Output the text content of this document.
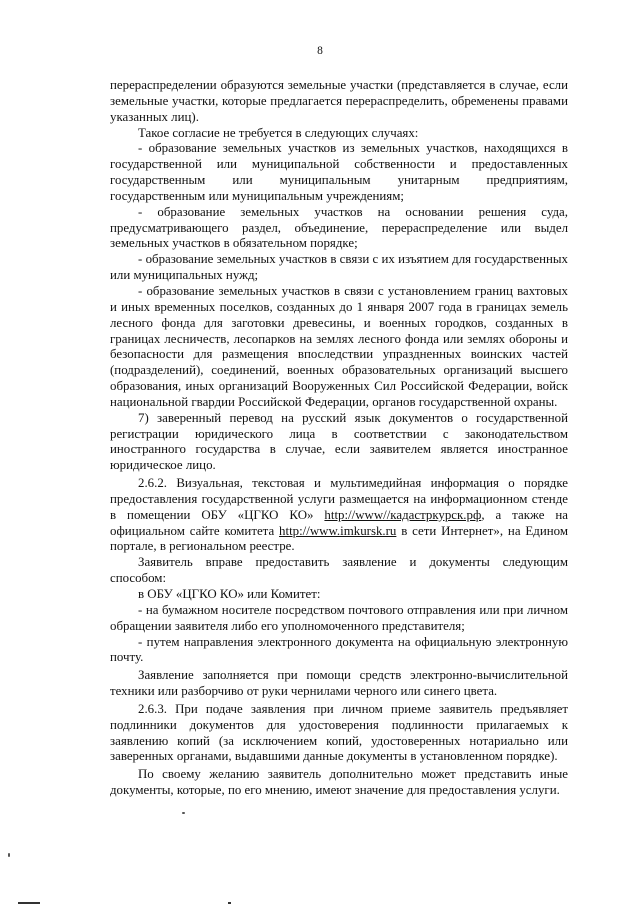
8

перераспределении образуются земельные участки (представляется в случае, если земельные участки, которые предлагается перераспределить, обременены правами указанных лиц).

Такое согласие не требуется в следующих случаях:

- образование земельных участков из земельных участков, находящихся в государственной или муниципальной собственности и предоставленных государственным или муниципальным унитарным предприятиям, государственным или муниципальным учреждениям;

- образование земельных участков на основании решения суда, предусматривающего раздел, объединение, перераспределение или выдел земельных участков в обязательном порядке;

- образование земельных участков в связи с их изъятием для государственных или муниципальных нужд;

- образование земельных участков в связи с установлением границ вахтовых и иных временных поселков, созданных до 1 января 2007 года в границах земель лесного фонда для заготовки древесины, и военных городков, созданных в границах лесничеств, лесопарков на землях лесного фонда или землях обороны и безопасности для размещения впоследствии упраздненных воинских частей (подразделений), соединений, военных образовательных организаций высшего образования, иных организаций Вооруженных Сил Российской Федерации, войск национальной гвардии Российской Федерации, органов государственной охраны.

7) заверенный перевод на русский язык документов о государственной регистрации юридического лица в соответствии с законодательством иностранного государства в случае, если заявителем является иностранное юридическое лицо.

2.6.2. Визуальная, текстовая и мультимедийная информация о порядке предоставления государственной услуги размещается на информационном стенде в помещении ОБУ «ЦГКО КО» http://www//кадастркурск.рф, а также на официальном сайте комитета http://www.imkursk.ru в сети Интернет», на Едином портале, в региональном реестре.

Заявитель вправе предоставить заявление и документы следующим способом:

в ОБУ «ЦГКО КО» или Комитет:

- на бумажном носителе посредством почтового отправления или при личном обращении заявителя либо его уполномоченного представителя;

- путем направления электронного документа на официальную электронную почту.

Заявление заполняется при помощи средств электронно-вычислительной техники или разборчиво от руки чернилами черного или синего цвета.

2.6.3. При подаче заявления при личном приеме заявитель предъявляет подлинники документов для удостоверения подлинности прилагаемых к заявлению копий (за исключением копий, удостоверенных нотариально или заверенных органами, выдавшими данные документы в установленном порядке).

По своему желанию заявитель дополнительно может представить иные документы, которые, по его мнению, имеют значение для предоставления услуги.
